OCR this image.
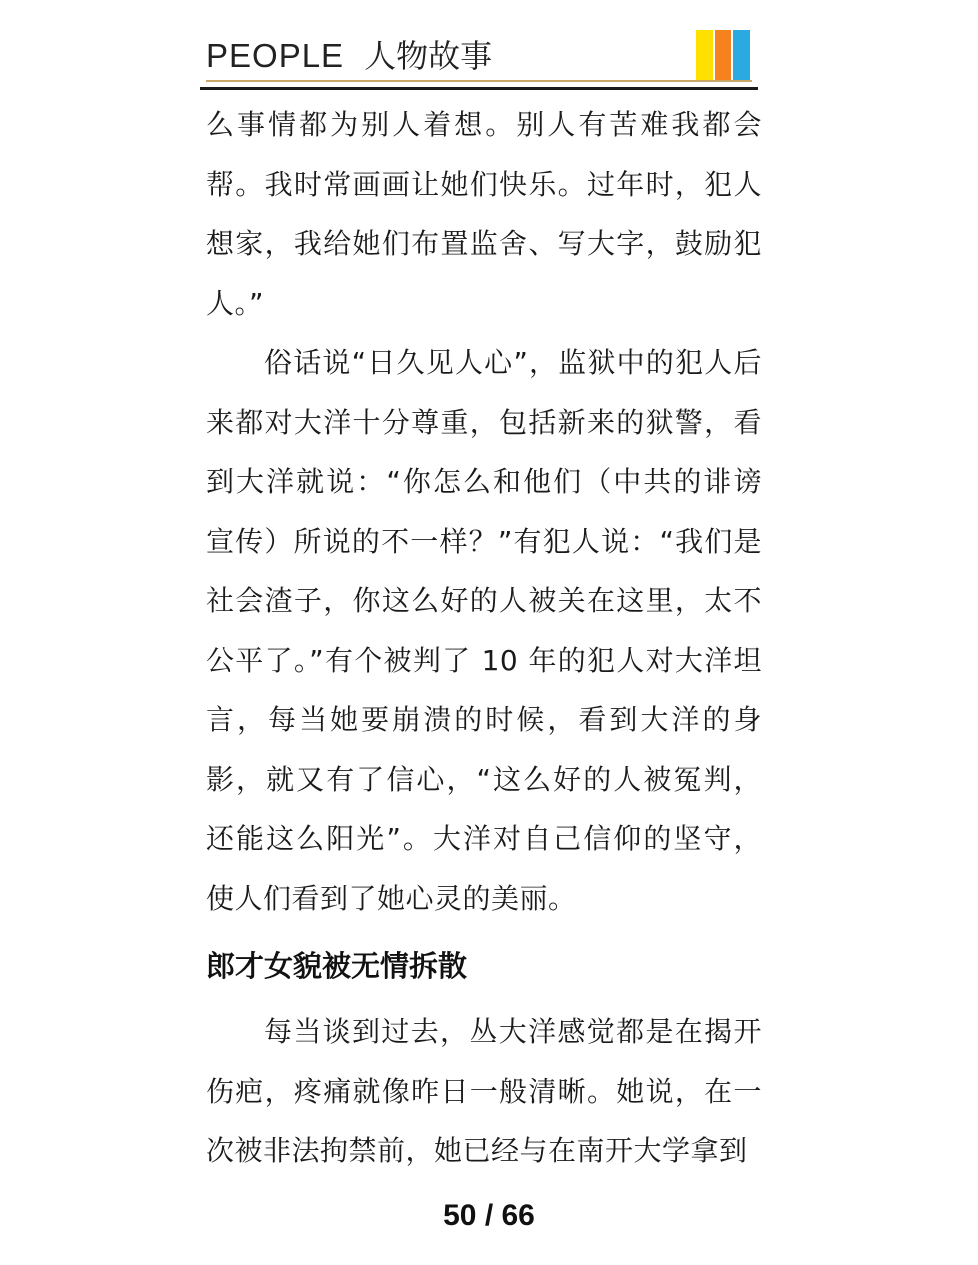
PEOPLE 人物故事

么事情都为别人着想。别人有苦难我都会帮。我时常画画让她们快乐。过年时，犯人想家，我给她们布置监舍、写大字，鼓励犯人。”

俗话说“日久见人心”，监狱中的犯人后来都对大洋十分尊重，包括新来的狱警，看到大洋就说：“你怎么和他们（中共的诽谤宣传）所说的不一样？”有犯人说：“我们是社会渣子，你这么好的人被关在这里，太不公平了。”有个被判了 10 年的犯人对大洋坦言，每当她要崩溃的时候，看到大洋的身影，就又有了信心，“这么好的人被冤判，还能这么阳光”。大洋对自己信仰的坚守，使人们看到了她心灵的美丽。

郎才女貌被无情拆散

每当谈到过去，丛大洋感觉都是在揭开伤疤，疼痛就像昨日一般清晰。她说，在一次被非法拘禁前，她已经与在南开大学拿到

50 / 66
